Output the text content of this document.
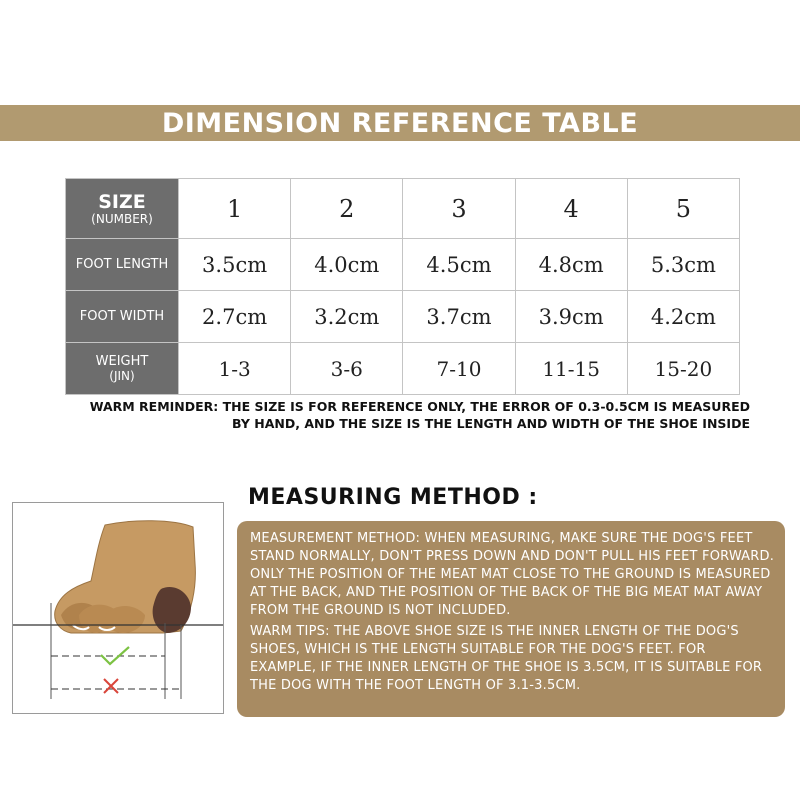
DIMENSION REFERENCE TABLE
SIZE
(NUMBER)	1	2	3	4	5
FOOT LENGTH	3.5cm	4.0cm	4.5cm	4.8cm	5.3cm
FOOT WIDTH	2.7cm	3.2cm	3.7cm	3.9cm	4.2cm

WEIGHT
(JIN)	1-3	3-6	7-10	11-15	15-20
WARM REMINDER: THE SIZE IS FOR REFERENCE ONLY, THE ERROR OF 0.3-0.5CM IS MEASURED
BY HAND, AND THE SIZE IS THE LENGTH AND WIDTH OF THE SHOE INSIDE
MEASURING METHOD :

MEASUREMENT METHOD: WHEN MEASURING, MAKE SURE THE DOG'S FEET STAND NORMALLY, DON'T PRESS DOWN AND DON'T PULL HIS FEET FORWARD. ONLY THE POSITION OF THE MEAT MAT CLOSE TO THE GROUND IS MEASURED AT THE BACK, AND THE POSITION OF THE BACK OF THE BIG MEAT MAT AWAY FROM THE GROUND IS NOT INCLUDED.

WARM TIPS: THE ABOVE SHOE SIZE IS THE INNER LENGTH OF THE DOG'S SHOES, WHICH IS THE LENGTH SUITABLE FOR THE DOG'S FEET. FOR EXAMPLE, IF THE INNER LENGTH OF THE SHOE IS 3.5CM, IT IS SUITABLE FOR THE DOG WITH THE FOOT LENGTH OF 3.1-3.5CM.
